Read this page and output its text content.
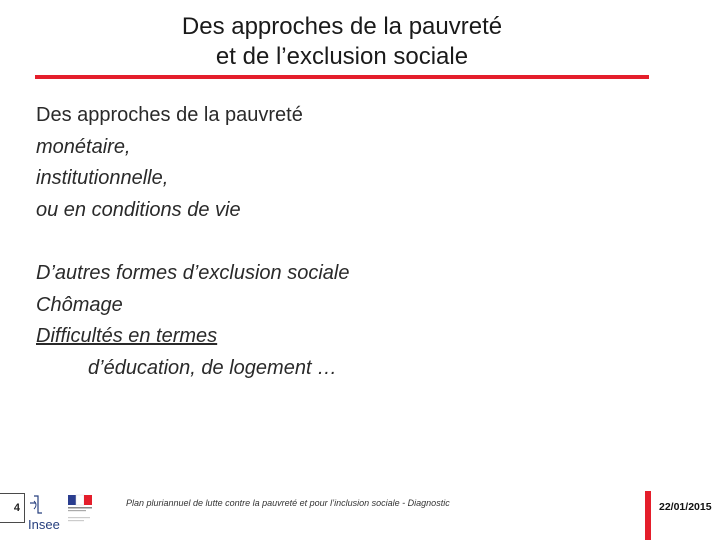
Des approches de la pauvreté
et de l’exclusion sociale
Des approches de la pauvreté
monétaire,
institutionnelle,
ou en conditions de vie
D’autres formes d’exclusion sociale
Chômage
Difficultés en termes
d’éducation, de logement …
4
Insee
Plan pluriannuel de lutte contre la pauvreté et pour l’inclusion sociale - Diagnostic	22/01/2015
